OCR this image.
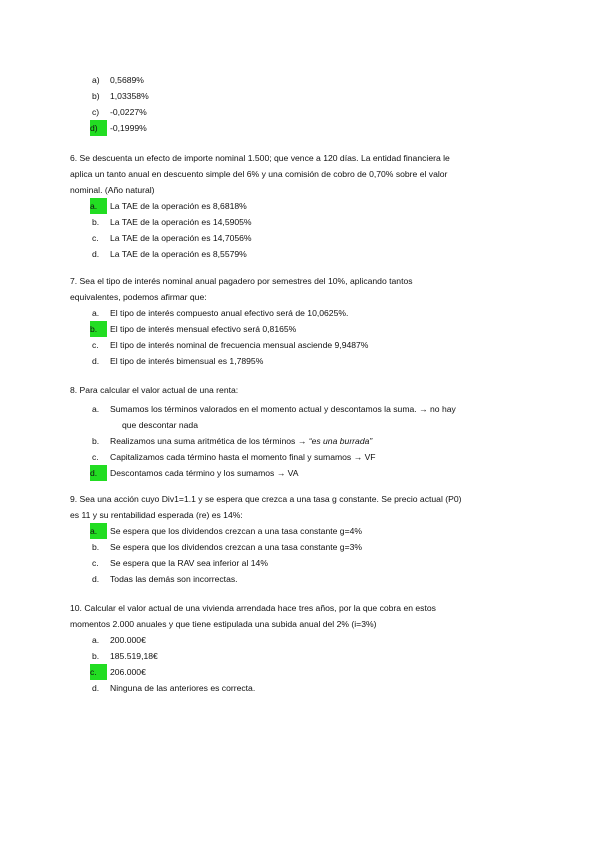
a)	0,5689%
b)	1,03358%
c)	-0,0227%
d)	-0,1999%

6. Se descuenta un efecto de importe nominal 1.500; que vence a 120 días. La entidad financiera le

aplica un tanto anual en descuento simple del 6% y una comisión de cobro de 0,70% sobre el valor

nominal. (Año natural)

a.	La TAE de la operación es 8,6818%
b.	La TAE de la operación es 14,5905%
c.	La TAE de la operación es 14,7056%
d.	La TAE de la operación es 8,5579%

7. Sea el tipo de interés nominal anual pagadero por semestres del 10%, aplicando tantos

equivalentes, podemos afirmar que:

a.	El tipo de interés compuesto anual efectivo será de 10,0625%.
b.	El tipo de interés mensual efectivo será 0,8165%
c.	El tipo de interés nominal de frecuencia mensual asciende 9,9487%
d.	El tipo de interés bimensual es 1,7895%

8. Para calcular el valor actual de una renta:

a.	Sumamos los términos valorados en el momento actual y descontamos la suma. → no hay
que descontar nada
b.	Realizamos una suma aritmética de los términos → “es una burrada”
c.	Capitalizamos cada término hasta el momento final y sumamos → VF
d.	Descontamos cada término y los sumamos → VA

9. Sea una acción cuyo Div1=1.1 y se espera que crezca a una tasa g constante. Se precio actual (P0)

es 11 y su rentabilidad esperada (re) es 14%:

a.	Se espera que los dividendos crezcan a una tasa constante g=4%
b.	Se espera que los dividendos crezcan a una tasa constante g=3%
c.	Se espera que la RAV sea inferior al 14%
d.	Todas las demás son incorrectas.

10. Calcular el valor actual de una vivienda arrendada hace tres años, por la que cobra en estos

momentos 2.000 anuales y que tiene estipulada una subida anual del 2% (i=3%)

a.	200.000€
b.	185.519,18€
c.	206.000€
d.	Ninguna de las anteriores es correcta.
